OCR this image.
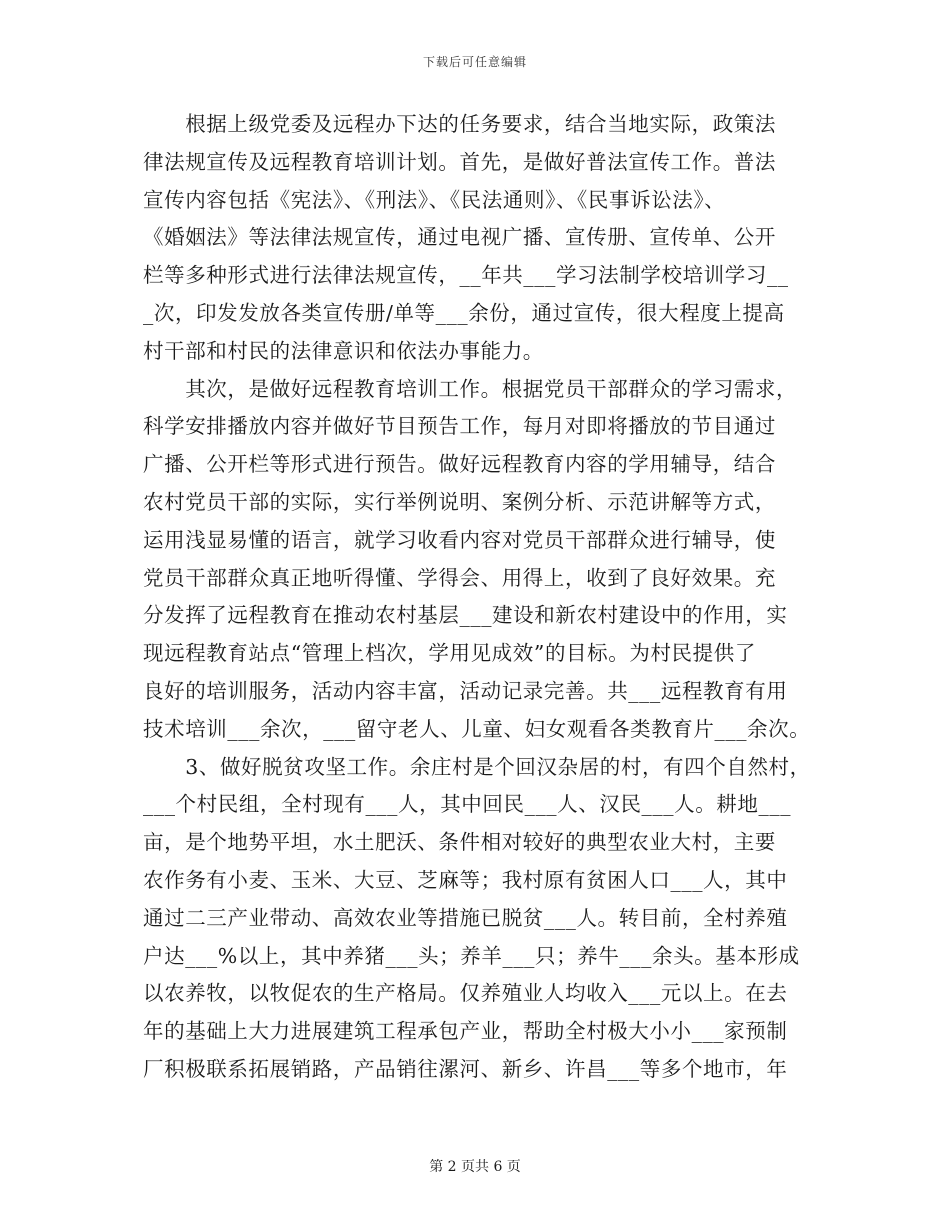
下载后可任意编辑
　　根据上级党委及远程办下达的任务要求，结合当地实际，政策法
律法规宣传及远程教育培训计划。首先，是做好普法宣传工作。普法
宣传内容包括《宪法》、《刑法》、《民法通则》、《民事诉讼法》、
《婚姻法》等法律法规宣传，通过电视广播、宣传册、宣传单、公开
栏等多种形式进行法律法规宣传，__年共___学习法制学校培训学习__
_次，印发发放各类宣传册/单等___余份，通过宣传，很大程度上提高
村干部和村民的法律意识和依法办事能力。
　　其次，是做好远程教育培训工作。根据党员干部群众的学习需求，
科学安排播放内容并做好节目预告工作，每月对即将播放的节目通过
广播、公开栏等形式进行预告。做好远程教育内容的学用辅导，结合
农村党员干部的实际，实行举例说明、案例分析、示范讲解等方式，
运用浅显易懂的语言，就学习收看内容对党员干部群众进行辅导，使
党员干部群众真正地听得懂、学得会、用得上，收到了良好效果。充
分发挥了远程教育在推动农村基层___建设和新农村建设中的作用，实
现远程教育站点“管理上档次，学用见成效”的目标。为村民提供了
良好的培训服务，活动内容丰富，活动记录完善。共___远程教育有用
技术培训___余次，___留守老人、儿童、妇女观看各类教育片___余次。
　　3、做好脱贫攻坚工作。余庄村是个回汉杂居的村，有四个自然村，
___个村民组，全村现有___人，其中回民___人、汉民___人。耕地___
亩，是个地势平坦，水土肥沃、条件相对较好的典型农业大村，主要
农作务有小麦、玉米、大豆、芝麻等；我村原有贫困人口___人，其中
通过二三产业带动、高效农业等措施已脱贫___人。转目前，全村养殖
户达___%以上，其中养猪___头；养羊___只；养牛___余头。基本形成
以农养牧，以牧促农的生产格局。仅养殖业人均收入___元以上。在去
年的基础上大力进展建筑工程承包产业，帮助全村极大小小___家预制
厂积极联系拓展销路，产品销往漯河、新乡、许昌___等多个地市，年
第 2 页共 6 页
